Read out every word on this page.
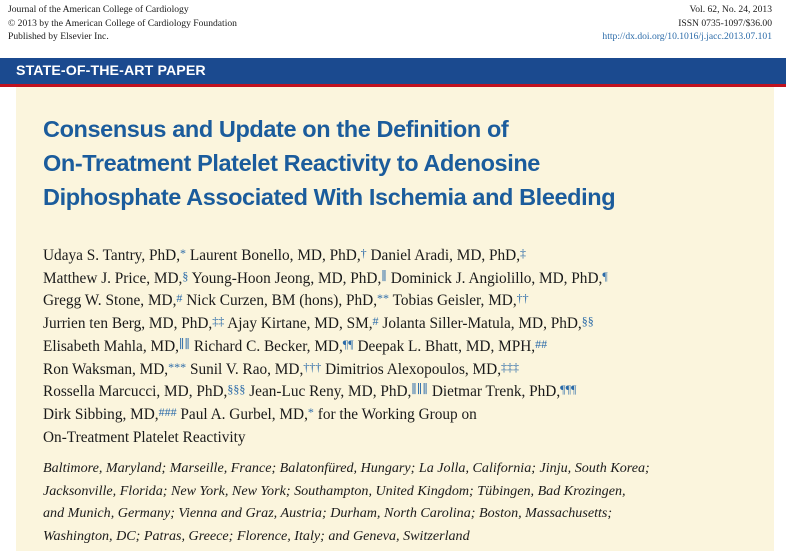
Journal of the American College of Cardiology
© 2013 by the American College of Cardiology Foundation
Published by Elsevier Inc.
Vol. 62, No. 24, 2013
ISSN 0735-1097/$36.00
http://dx.doi.org/10.1016/j.jacc.2013.07.101
STATE-OF-THE-ART PAPER
Consensus and Update on the Definition of
On-Treatment Platelet Reactivity to Adenosine
Diphosphate Associated With Ischemia and Bleeding
Udaya S. Tantry, PhD,* Laurent Bonello, MD, PhD,† Daniel Aradi, MD, PhD,‡
Matthew J. Price, MD,§ Young-Hoon Jeong, MD, PhD,∥ Dominick J. Angiolillo, MD, PhD,¶
Gregg W. Stone, MD,# Nick Curzen, BM (hons), PhD,** Tobias Geisler, MD,††
Jurrien ten Berg, MD, PhD,‡‡ Ajay Kirtane, MD, SM,# Jolanta Siller-Matula, MD, PhD,§§
Elisabeth Mahla, MD,∥∥ Richard C. Becker, MD,¶¶ Deepak L. Bhatt, MD, MPH,##
Ron Waksman, MD,*** Sunil V. Rao, MD,††† Dimitrios Alexopoulos, MD,‡‡‡
Rossella Marcucci, MD, PhD,§§§ Jean-Luc Reny, MD, PhD,∥∥∥ Dietmar Trenk, PhD,¶¶¶
Dirk Sibbing, MD,### Paul A. Gurbel, MD,* for the Working Group on
On-Treatment Platelet Reactivity
Baltimore, Maryland; Marseille, France; Balatonfüred, Hungary; La Jolla, California; Jinju, South Korea;
Jacksonville, Florida; New York, New York; Southampton, United Kingdom; Tübingen, Bad Krozingen,
and Munich, Germany; Vienna and Graz, Austria; Durham, North Carolina; Boston, Massachusetts;
Washington, DC; Patras, Greece; Florence, Italy; and Geneva, Switzerland
